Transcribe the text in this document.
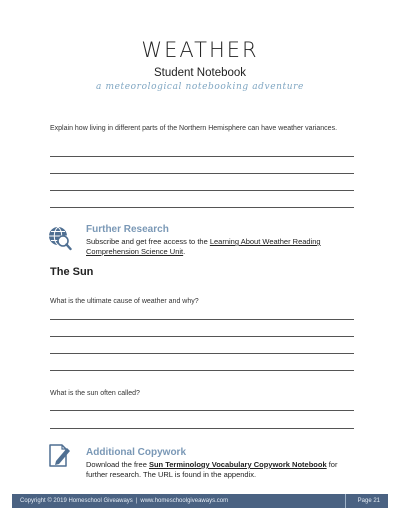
WEATHER
Student Notebook
a meteorological notebooking adventure
Explain how living in different parts of the Northern Hemisphere can have weather variances.
Further Research
Subscribe and get free access to the Learning About Weather Reading Comprehension Science Unit.
The Sun
What is the ultimate cause of weather and why?
What is the sun often called?
Additional Copywork
Download the free Sun Terminology Vocabulary Copywork Notebook for further research. The URL is found in the appendix.
Copyright © 2019 Homeschool Giveaways | www.homeschoolgiveaways.com	Page 21
